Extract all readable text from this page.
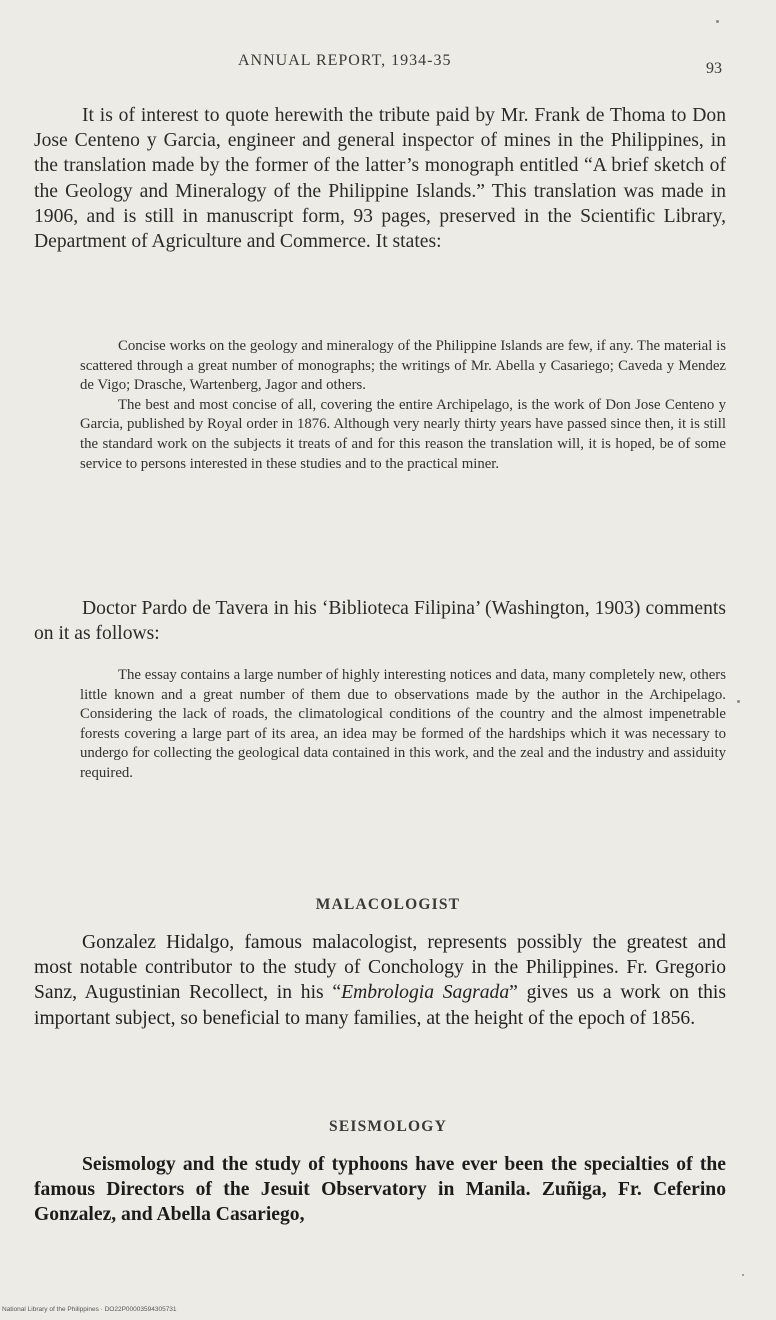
ANNUAL REPORT, 1934-35	93

It is of interest to quote herewith the tribute paid by Mr. Frank de Thoma to Don Jose Centeno y Garcia, engineer and general inspector of mines in the Philippines, in the translation made by the former of the latter’s monograph entitled “A brief sketch of the Geology and Mineralogy of the Philippine Islands.” This translation was made in 1906, and is still in manuscript form, 93 pages, preserved in the Scientific Library, Department of Agriculture and Commerce. It states:

Concise works on the geology and mineralogy of the Philippine Islands are few, if any. The material is scattered through a great number of monographs; the writings of Mr. Abella y Casariego; Caveda y Mendez de Vigo; Drasche, Wartenberg, Jagor and others.

The best and most concise of all, covering the entire Archipelago, is the work of Don Jose Centeno y Garcia, published by Royal order in 1876. Although very nearly thirty years have passed since then, it is still the standard work on the subjects it treats of and for this reason the translation will, it is hoped, be of some service to persons interested in these studies and to the practical miner.

Doctor Pardo de Tavera in his ‘Biblioteca Filipina’ (Washington, 1903) comments on it as follows:

The essay contains a large number of highly interesting notices and data, many completely new, others little known and a great number of them due to observations made by the author in the Archipelago. Considering the lack of roads, the climatological conditions of the country and the almost impenetrable forests covering a large part of its area, an idea may be formed of the hardships which it was necessary to undergo for collecting the geological data contained in this work, and the zeal and the industry and assiduity required.

MALACOLOGIST

Gonzalez Hidalgo, famous malacologist, represents possibly the greatest and most notable contributor to the study of Conchology in the Philippines. Fr. Gregorio Sanz, Augustinian Recollect, in his “Embrologia Sagrada” gives us a work on this important subject, so beneficial to many families, at the height of the epoch of 1856.

SEISMOLOGY

Seismology and the study of typhoons have ever been the specialties of the famous Directors of the Jesuit Observatory in Manila. Zuñiga, Fr. Ceferino Gonzalez, and Abella Casariego,

National Library of the Philippines · DO22P00003594305731
